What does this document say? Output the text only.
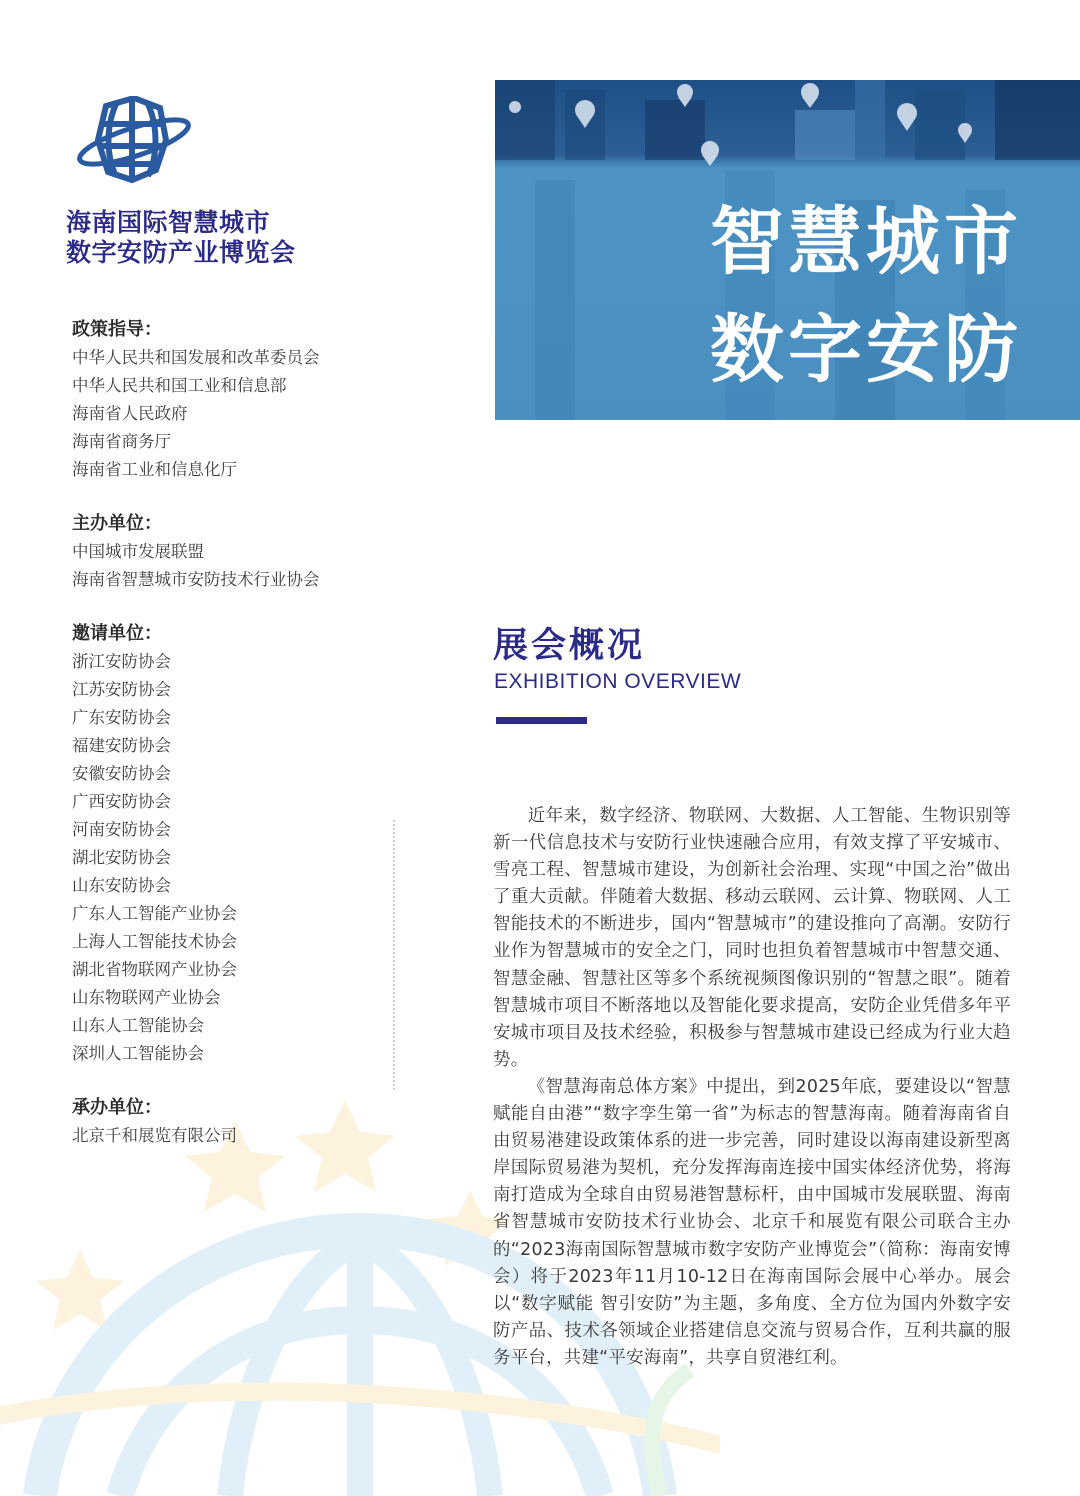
海南国际智慧城市
数字安防产业博览会
政策指导：
中华人民共和国发展和改革委员会
中华人民共和国工业和信息部
海南省人民政府
海南省商务厅
海南省工业和信息化厅
主办单位：
中国城市发展联盟
海南省智慧城市安防技术行业协会
邀请单位：
浙江安防协会
江苏安防协会
广东安防协会
福建安防协会
安徽安防协会
广西安防协会
河南安防协会
湖北安防协会
山东安防协会
广东人工智能产业协会
上海人工智能技术协会
湖北省物联网产业协会
山东物联网产业协会
山东人工智能协会
深圳人工智能协会
承办单位：
北京千和展览有限公司
智慧城市
数字安防
展会概况
EXHIBITION OVERVIEW

近年来，数字经济、物联网、大数据、人工智能、生物识别等新一代信息技术与安防行业快速融合应用，有效支撑了平安城市、雪亮工程、智慧城市建设，为创新社会治理、实现“中国之治”做出了重大贡献。伴随着大数据、移动云联网、云计算、物联网、人工智能技术的不断进步，国内“智慧城市”的建设推向了高潮。安防行业作为智慧城市的安全之门，同时也担负着智慧城市中智慧交通、智慧金融、智慧社区等多个系统视频图像识别的“智慧之眼”。随着智慧城市项目不断落地以及智能化要求提高，安防企业凭借多年平安城市项目及技术经验，积极参与智慧城市建设已经成为行业大趋势。

《智慧海南总体方案》中提出，到2025年底，要建设以“智慧赋能自由港”“数字孪生第一省”为标志的智慧海南。随着海南省自由贸易港建设政策体系的进一步完善，同时建设以海南建设新型离岸国际贸易港为契机，充分发挥海南连接中国实体经济优势，将海南打造成为全球自由贸易港智慧标杆，由中国城市发展联盟、海南省智慧城市安防技术行业协会、北京千和展览有限公司联合主办的“2023海南国际智慧城市数字安防产业博览会”（简称：海南安博会）将于2023年11月10-12日在海南国际会展中心举办。展会以“数字赋能 智引安防”为主题，多角度、全方位为国内外数字安防产品、技术各领域企业搭建信息交流与贸易合作，互利共赢的服务平台，共建“平安海南”，共享自贸港红利。
